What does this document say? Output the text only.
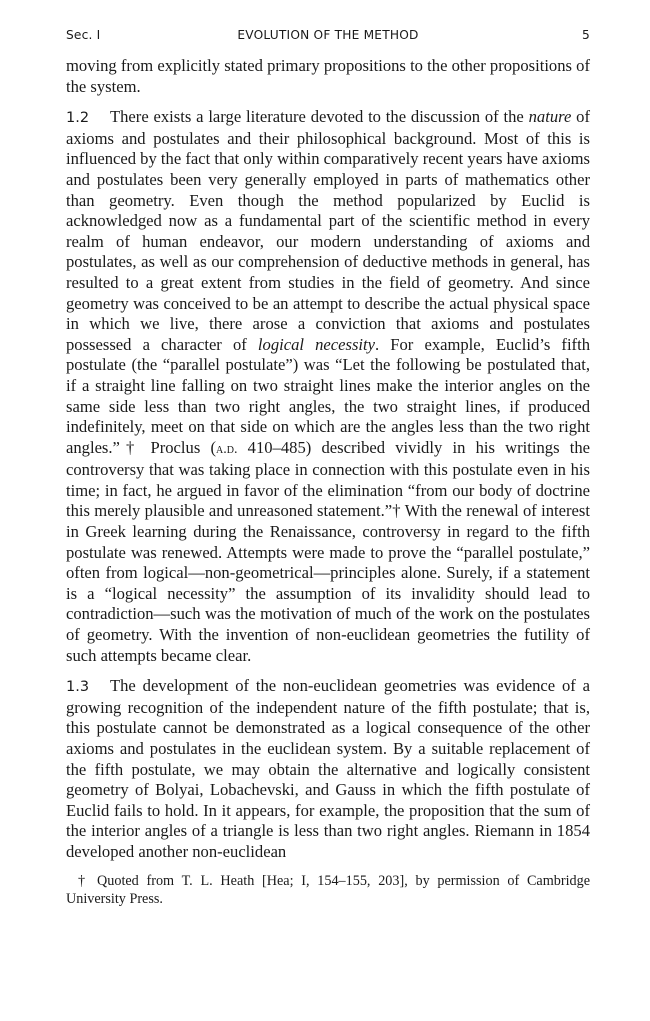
Sec. I	EVOLUTION OF THE METHOD	5

moving from explicitly stated primary propositions to the other propositions of the system.

1.2 There exists a large literature devoted to the discussion of the nature of axioms and postulates and their philosophical background. Most of this is influenced by the fact that only within comparatively recent years have axioms and postulates been very generally employed in parts of mathematics other than geometry. Even though the method popularized by Euclid is acknowledged now as a fundamental part of the scientific method in every realm of human endeavor, our modern understanding of axioms and postulates, as well as our comprehension of deductive methods in general, has resulted to a great extent from studies in the field of geometry. And since geometry was conceived to be an attempt to describe the actual physical space in which we live, there arose a conviction that axioms and postulates possessed a character of logical necessity. For example, Euclid’s fifth postulate (the “parallel postulate”) was “Let the following be postulated that, if a straight line falling on two straight lines make the interior angles on the same side less than two right angles, the two straight lines, if produced indefinitely, meet on that side on which are the angles less than the two right angles.”† Proclus (a.d. 410–485) described vividly in his writings the controversy that was taking place in connection with this postulate even in his time; in fact, he argued in favor of the elimination “from our body of doctrine this merely plausible and unreasoned statement.”† With the renewal of interest in Greek learning during the Renaissance, controversy in regard to the fifth postulate was renewed. Attempts were made to prove the “parallel postulate,” often from logical—non-geometrical—principles alone. Surely, if a statement is a “logical necessity” the assumption of its invalidity should lead to contradiction—such was the motivation of much of the work on the postulates of geometry. With the invention of non-euclidean geometries the futility of such attempts became clear.

1.3 The development of the non-euclidean geometries was evidence of a growing recognition of the independent nature of the fifth postulate; that is, this postulate cannot be demonstrated as a logical consequence of the other axioms and postulates in the euclidean system. By a suitable replacement of the fifth postulate, we may obtain the alternative and logically consistent geometry of Bolyai, Lobachevski, and Gauss in which the fifth postulate of Euclid fails to hold. In it appears, for example, the proposition that the sum of the interior angles of a triangle is less than two right angles. Riemann in 1854 developed another non-euclidean

† Quoted from T. L. Heath [Hea; I, 154–155, 203], by permission of Cambridge University Press.
